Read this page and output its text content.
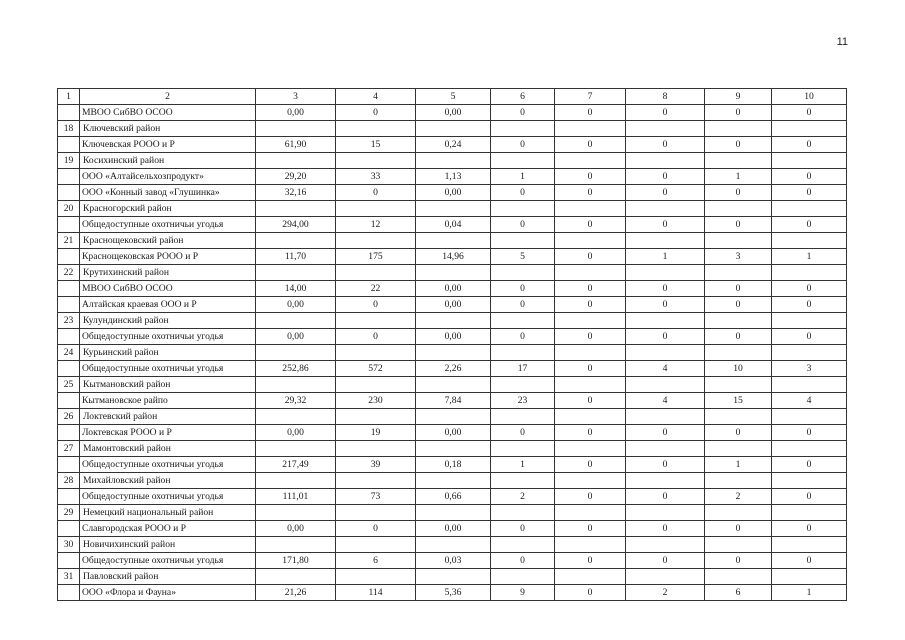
11
1	2	3	4	5	6	7	8	9	10
	МВОО СибВО ОСОО	0,00	0	0,00	0	0	0	0	0
18	Ключевский район								
	Ключевская РООО и Р	61,90	15	0,24	0	0	0	0	0
19	Косихинский район								
	ООО «Алтайсельхозпродукт»	29,20	33	1,13	1	0	0	1	0
	ООО «Конный завод «Глушинка»	32,16	0	0,00	0	0	0	0	0
20	Красногорский район								
	Общедоступные охотничьи угодья	294,00	12	0,04	0	0	0	0	0
21	Краснощековский район								
	Краснощековская РООО и Р	11,70	175	14,96	5	0	1	3	1
22	Крутихинский район								
	МВОО СибВО ОСОО	14,00	22	0,00	0	0	0	0	0
	Алтайская краевая ООО и Р	0,00	0	0,00	0	0	0	0	0
23	Кулундинский район								
	Общедоступные охотничьи угодья	0,00	0	0,00	0	0	0	0	0
24	Курьинский район								
	Общедоступные охотничьи угодья	252,86	572	2,26	17	0	4	10	3
25	Кытмановский район								
	Кытмановское райпо	29,32	230	7,84	23	0	4	15	4
26	Локтевский район								
	Локтевская РООО и Р	0,00	19	0,00	0	0	0	0	0
27	Мамонтовский район								
	Общедоступные охотничьи угодья	217,49	39	0,18	1	0	0	1	0
28	Михайловский район								
	Общедоступные охотничьи угодья	111,01	73	0,66	2	0	0	2	0
29	Немецкий национальный район								
	Славгородская РООО и Р	0,00	0	0,00	0	0	0	0	0
30	Новичихинский район								
	Общедоступные охотничьи угодья	171,80	6	0,03	0	0	0	0	0
31	Павловский район								
	ООО «Флора и Фауна»	21,26	114	5,36	9	0	2	6	1
